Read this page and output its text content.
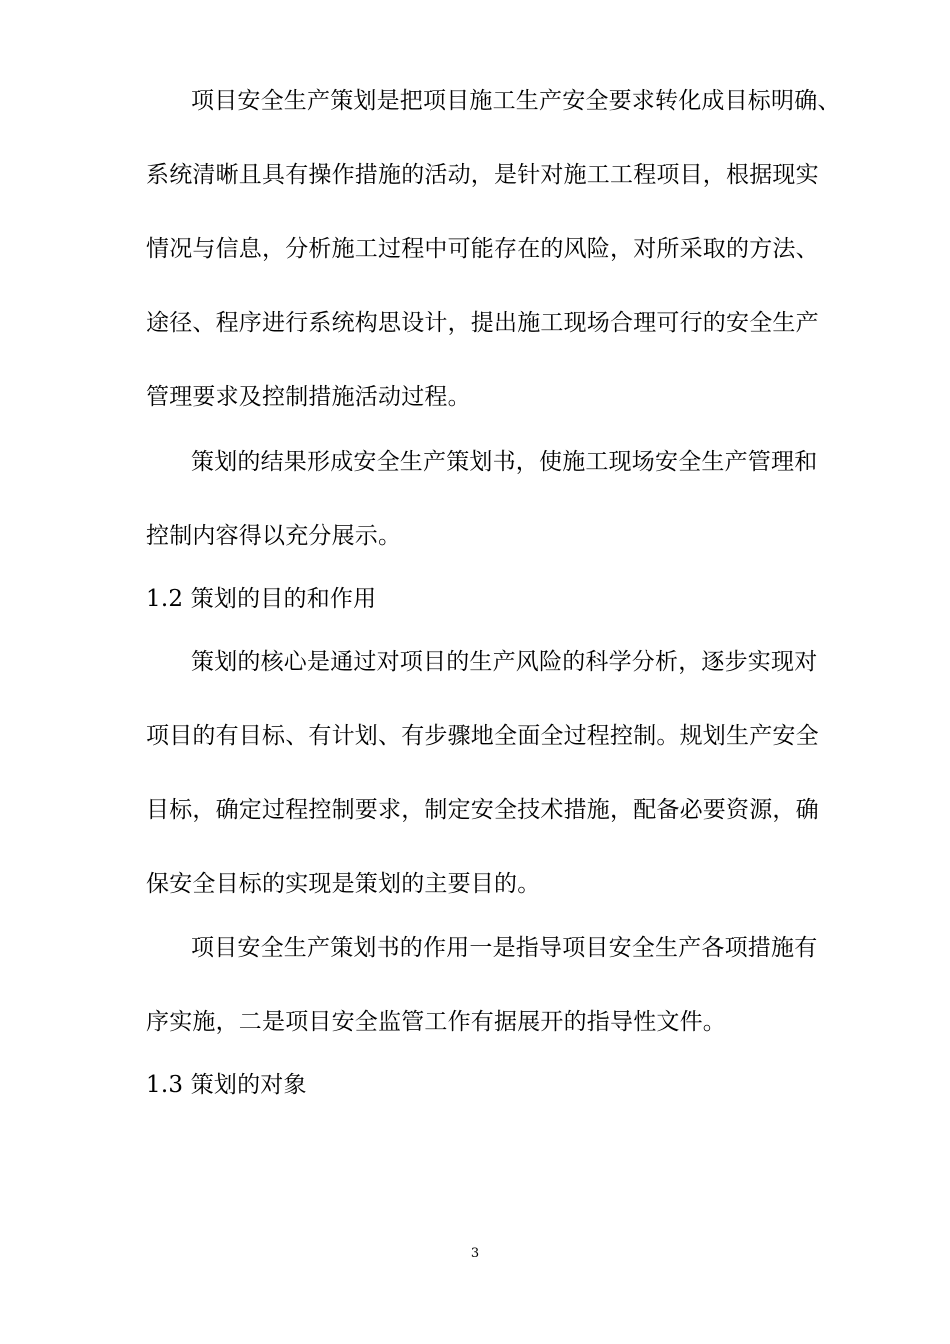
项目安全生产策划是把项目施工生产安全要求转化成目标明确、
系统清晰且具有操作措施的活动，是针对施工工程项目，根据现实
情况与信息，分析施工过程中可能存在的风险，对所采取的方法、
途径、程序进行系统构思设计，提出施工现场合理可行的安全生产
管理要求及控制措施活动过程。
策划的结果形成安全生产策划书，使施工现场安全生产管理和
控制内容得以充分展示。
1.2 策划的目的和作用
策划的核心是通过对项目的生产风险的科学分析，逐步实现对
项目的有目标、有计划、有步骤地全面全过程控制。规划生产安全
目标，确定过程控制要求，制定安全技术措施，配备必要资源，确
保安全目标的实现是策划的主要目的。
项目安全生产策划书的作用一是指导项目安全生产各项措施有
序实施，二是项目安全监管工作有据展开的指导性文件。
1.3 策划的对象
3
